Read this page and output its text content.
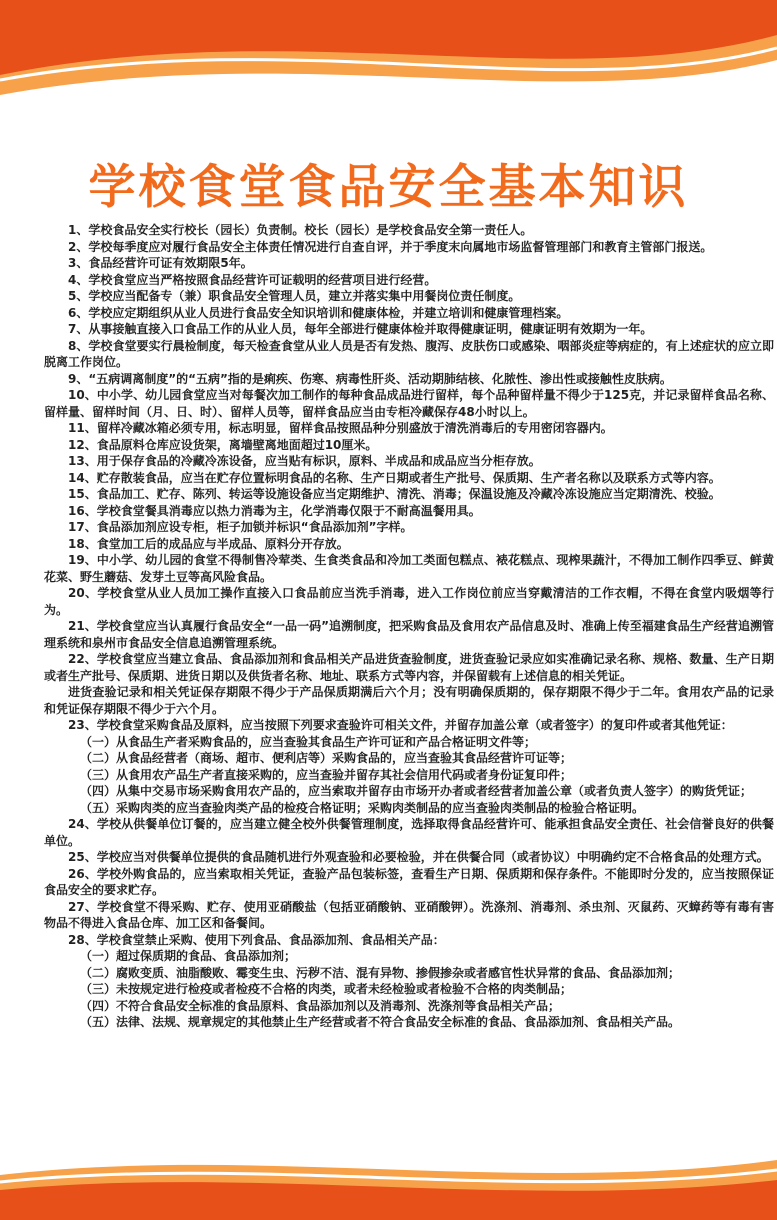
学校食堂食品安全基本知识

1、学校食品安全实行校长（园长）负责制。校长（园长）是学校食品安全第一责任人。

2、学校每季度应对履行食品安全主体责任情况进行自查自评，并于季度末向属地市场监督管理部门和教育主管部门报送。

3、食品经营许可证有效期限5年。

4、学校食堂应当严格按照食品经营许可证载明的经营项目进行经营。

5、学校应当配备专（兼）职食品安全管理人员，建立并落实集中用餐岗位责任制度。

6、学校应定期组织从业人员进行食品安全知识培训和健康体检，并建立培训和健康管理档案。

7、从事接触直接入口食品工作的从业人员，每年全部进行健康体检并取得健康证明，健康证明有效期为一年。

8、学校食堂要实行晨检制度，每天检查食堂从业人员是否有发热、腹泻、皮肤伤口或感染、咽部炎症等病症的，有上述症状的应立即脱离工作岗位。

9、“五病调离制度”的“五病”指的是痢疾、伤寒、病毒性肝炎、活动期肺结核、化脓性、渗出性或接触性皮肤病。

10、中小学、幼儿园食堂应当对每餐次加工制作的每种食品成品进行留样，每个品种留样量不得少于125克，并记录留样食品名称、留样量、留样时间（月、日、时）、留样人员等，留样食品应当由专柜冷藏保存48小时以上。

11、留样冷藏冰箱必须专用，标志明显，留样食品按照品种分别盛放于清洗消毒后的专用密闭容器内。

12、食品原料仓库应设货架，离墙壁离地面超过10厘米。

13、用于保存食品的冷藏冷冻设备，应当贴有标识，原料、半成品和成品应当分柜存放。

14、贮存散装食品，应当在贮存位置标明食品的名称、生产日期或者生产批号、保质期、生产者名称以及联系方式等内容。

15、食品加工、贮存、陈列、转运等设施设备应当定期维护、清洗、消毒；保温设施及冷藏冷冻设施应当定期清洗、校验。

16、学校食堂餐具消毒应以热力消毒为主，化学消毒仅限于不耐高温餐用具。

17、食品添加剂应设专柜，柜子加锁并标识“食品添加剂”字样。

18、食堂加工后的成品应与半成品、原料分开存放。

19、中小学、幼儿园的食堂不得制售冷荤类、生食类食品和冷加工类面包糕点、裱花糕点、现榨果蔬汁，不得加工制作四季豆、鲜黄花菜、野生蘑菇、发芽土豆等高风险食品。

20、学校食堂从业人员加工操作直接入口食品前应当洗手消毒，进入工作岗位前应当穿戴清洁的工作衣帽，不得在食堂内吸烟等行为。

21、学校食堂应当认真履行食品安全“一品一码”追溯制度，把采购食品及食用农产品信息及时、准确上传至福建食品生产经营追溯管理系统和泉州市食品安全信息追溯管理系统。

22、学校食堂应当建立食品、食品添加剂和食品相关产品进货查验制度，进货查验记录应如实准确记录名称、规格、数量、生产日期或者生产批号、保质期、进货日期以及供货者名称、地址、联系方式等内容，并保留载有上述信息的相关凭证。

进货查验记录和相关凭证保存期限不得少于产品保质期满后六个月；没有明确保质期的，保存期限不得少于二年。食用农产品的记录和凭证保存期限不得少于六个月。

23、学校食堂采购食品及原料，应当按照下列要求查验许可相关文件，并留存加盖公章（或者签字）的复印件或者其他凭证：

（一）从食品生产者采购食品的，应当查验其食品生产许可证和产品合格证明文件等；

（二）从食品经营者（商场、超市、便利店等）采购食品的，应当查验其食品经营许可证等；

（三）从食用农产品生产者直接采购的，应当查验并留存其社会信用代码或者身份证复印件；

（四）从集中交易市场采购食用农产品的，应当索取并留存由市场开办者或者经营者加盖公章（或者负责人签字）的购货凭证；

（五）采购肉类的应当查验肉类产品的检疫合格证明；采购肉类制品的应当查验肉类制品的检验合格证明。

24、学校从供餐单位订餐的，应当建立健全校外供餐管理制度，选择取得食品经营许可、能承担食品安全责任、社会信誉良好的供餐单位。

25、学校应当对供餐单位提供的食品随机进行外观查验和必要检验，并在供餐合同（或者协议）中明确约定不合格食品的处理方式。

26、学校外购食品的，应当索取相关凭证，查验产品包装标签，查看生产日期、保质期和保存条件。不能即时分发的，应当按照保证食品安全的要求贮存。

27、学校食堂不得采购、贮存、使用亚硝酸盐（包括亚硝酸钠、亚硝酸钾）。洗涤剂、消毒剂、杀虫剂、灭鼠药、灭蟑药等有毒有害物品不得进入食品仓库、加工区和备餐间。

28、学校食堂禁止采购、使用下列食品、食品添加剂、食品相关产品：

（一）超过保质期的食品、食品添加剂；

（二）腐败变质、油脂酸败、霉变生虫、污秽不洁、混有异物、掺假掺杂或者感官性状异常的食品、食品添加剂；

（三）未按规定进行检疫或者检疫不合格的肉类，或者未经检验或者检验不合格的肉类制品；

（四）不符合食品安全标准的食品原料、食品添加剂以及消毒剂、洗涤剂等食品相关产品；

（五）法律、法规、规章规定的其他禁止生产经营或者不符合食品安全标准的食品、食品添加剂、食品相关产品。
